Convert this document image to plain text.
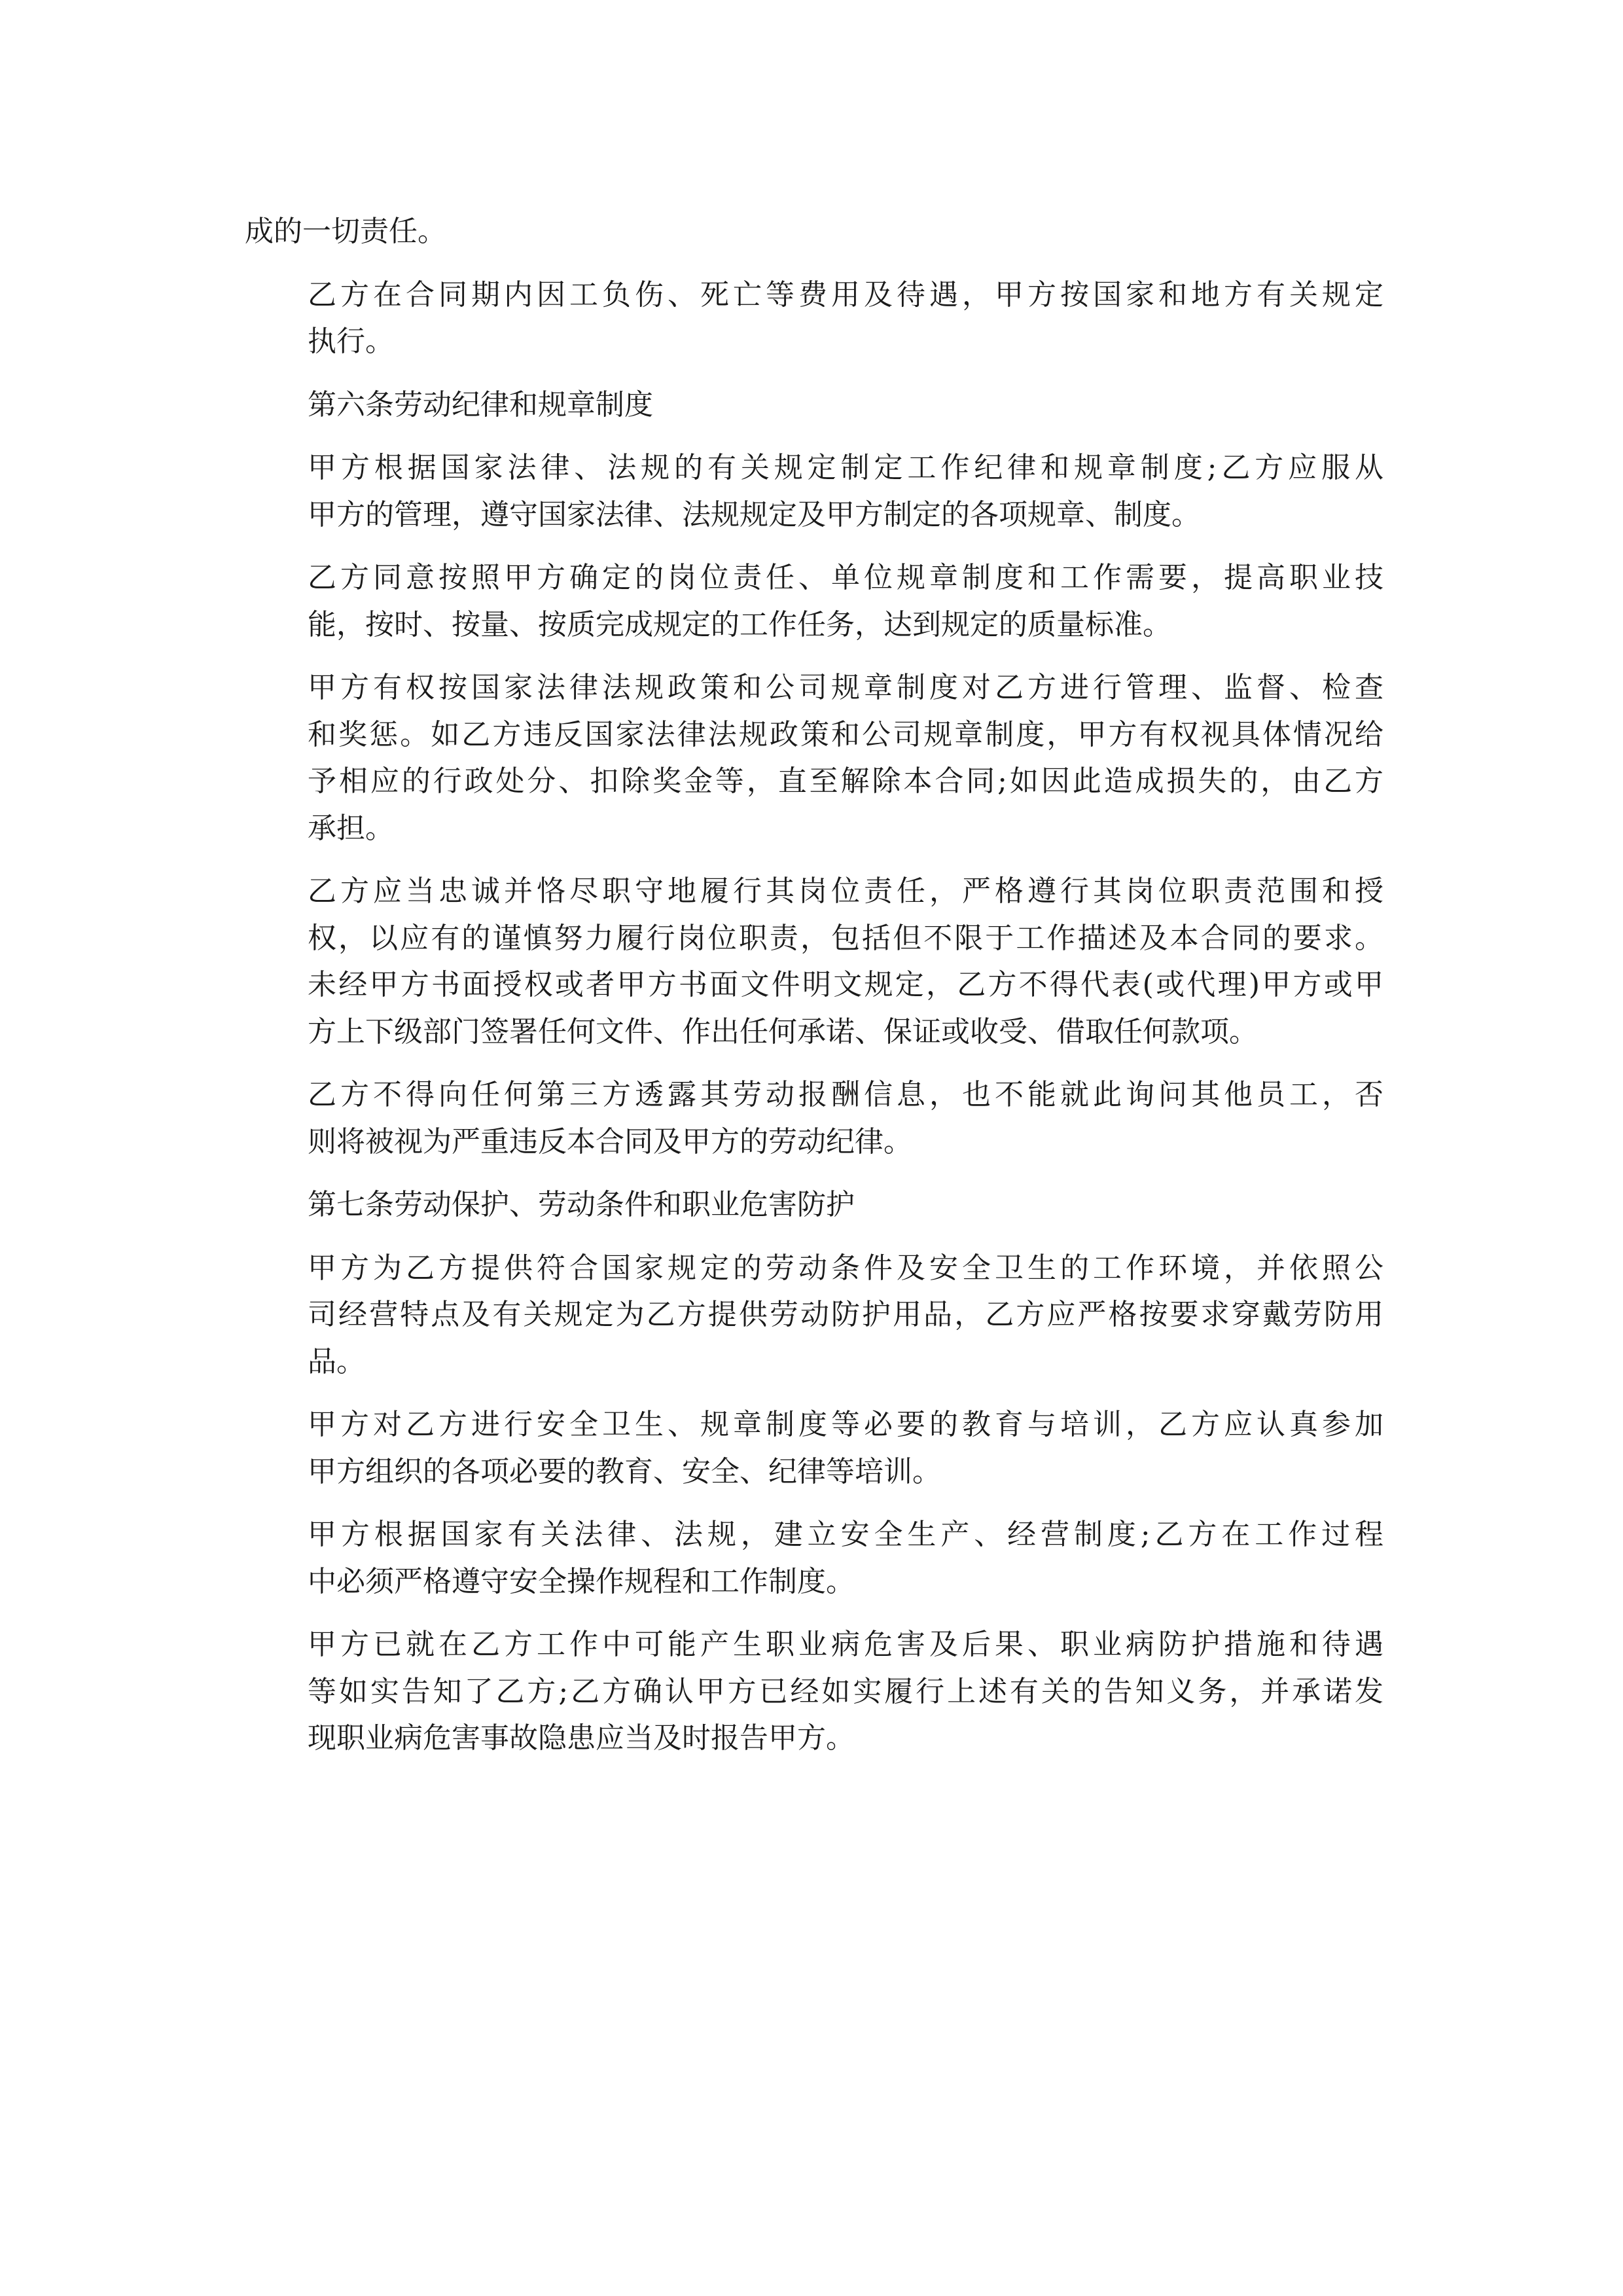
成的一切责任。
乙方在合同期内因工负伤、死亡等费用及待遇，甲方按国家和地方有关规定
执行。
第六条劳动纪律和规章制度
甲方根据国家法律、法规的有关规定制定工作纪律和规章制度;乙方应服从
甲方的管理，遵守国家法律、法规规定及甲方制定的各项规章、制度。
乙方同意按照甲方确定的岗位责任、单位规章制度和工作需要，提高职业技
能，按时、按量、按质完成规定的工作任务，达到规定的质量标准。
甲方有权按国家法律法规政策和公司规章制度对乙方进行管理、监督、检查
和奖惩。如乙方违反国家法律法规政策和公司规章制度，甲方有权视具体情况给
予相应的行政处分、扣除奖金等，直至解除本合同;如因此造成损失的，由乙方
承担。
乙方应当忠诚并恪尽职守地履行其岗位责任，严格遵行其岗位职责范围和授
权，以应有的谨慎努力履行岗位职责，包括但不限于工作描述及本合同的要求。
未经甲方书面授权或者甲方书面文件明文规定，乙方不得代表(或代理)甲方或甲
方上下级部门签署任何文件、作出任何承诺、保证或收受、借取任何款项。
乙方不得向任何第三方透露其劳动报酬信息，也不能就此询问其他员工，否
则将被视为严重违反本合同及甲方的劳动纪律。
第七条劳动保护、劳动条件和职业危害防护
甲方为乙方提供符合国家规定的劳动条件及安全卫生的工作环境，并依照公
司经营特点及有关规定为乙方提供劳动防护用品，乙方应严格按要求穿戴劳防用
品。
甲方对乙方进行安全卫生、规章制度等必要的教育与培训，乙方应认真参加
甲方组织的各项必要的教育、安全、纪律等培训。
甲方根据国家有关法律、法规，建立安全生产、经营制度;乙方在工作过程
中必须严格遵守安全操作规程和工作制度。
甲方已就在乙方工作中可能产生职业病危害及后果、职业病防护措施和待遇
等如实告知了乙方;乙方确认甲方已经如实履行上述有关的告知义务，并承诺发
现职业病危害事故隐患应当及时报告甲方。
